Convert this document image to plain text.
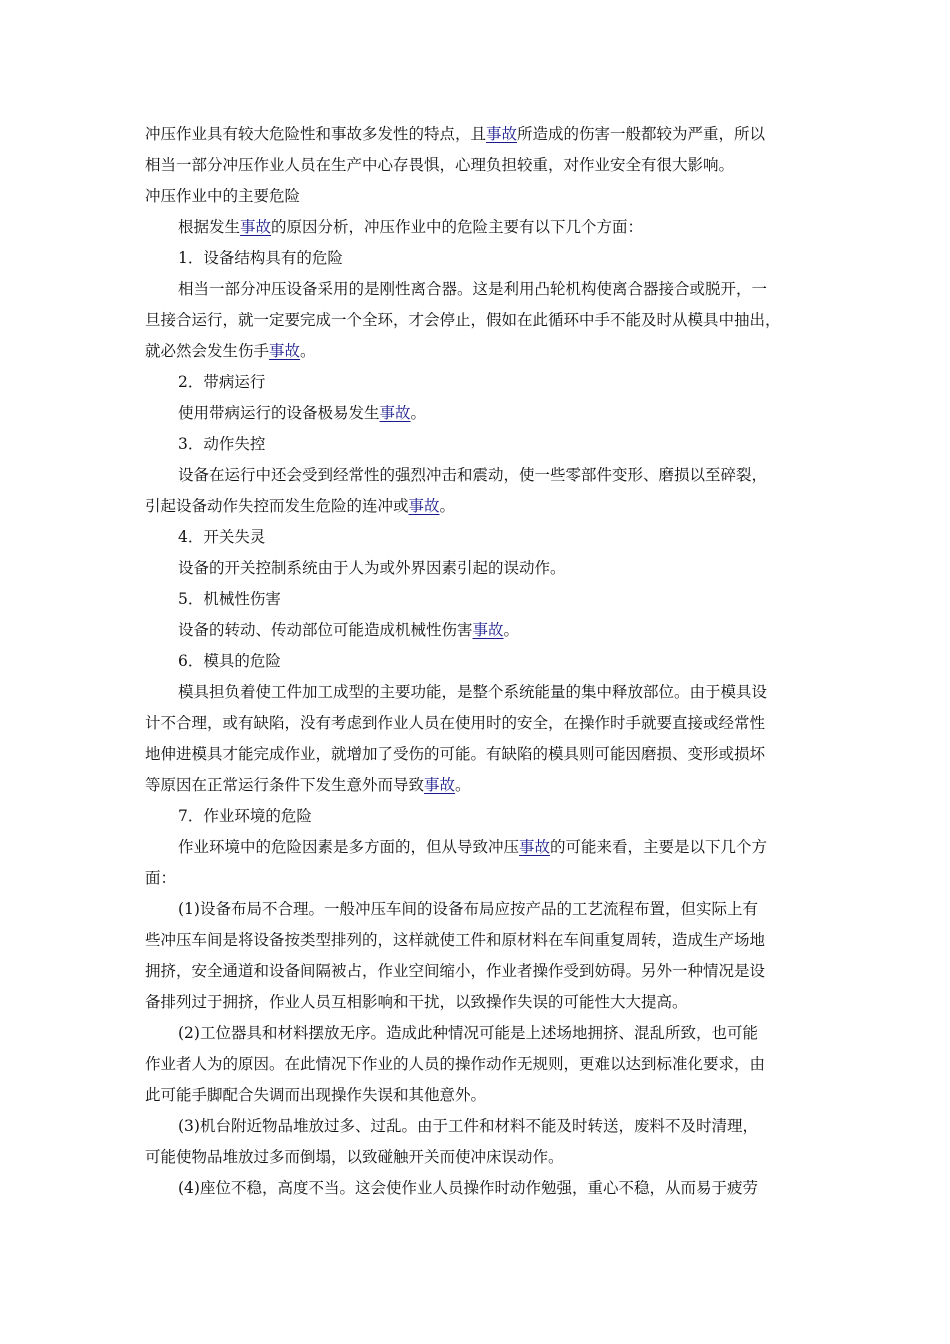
冲压作业具有较大危险性和事故多发性的特点，且事故所造成的伤害一般都较为严重，所以
相当一部分冲压作业人员在生产中心存畏惧，心理负担较重，对作业安全有很大影响。

冲压作业中的主要危险

根据发生事故的原因分析，冲压作业中的危险主要有以下几个方面：

1．设备结构具有的危险

相当一部分冲压设备采用的是刚性离合器。这是利用凸轮机构使离合器接合或脱开，一
旦接合运行，就一定要完成一个全环，才会停止，假如在此循环中手不能及时从模具中抽出，
就必然会发生伤手事故。

2．带病运行

使用带病运行的设备极易发生事故。

3．动作失控

设备在运行中还会受到经常性的强烈冲击和震动，使一些零部件变形、磨损以至碎裂，
引起设备动作失控而发生危险的连冲或事故。

4．开关失灵

设备的开关控制系统由于人为或外界因素引起的误动作。

5．机械性伤害

设备的转动、传动部位可能造成机械性伤害事故。

6．模具的危险

模具担负着使工件加工成型的主要功能，是整个系统能量的集中释放部位。由于模具设
计不合理，或有缺陷，没有考虑到作业人员在使用时的安全，在操作时手就要直接或经常性
地伸进模具才能完成作业，就增加了受伤的可能。有缺陷的模具则可能因磨损、变形或损坏
等原因在正常运行条件下发生意外而导致事故。

7．作业环境的危险

作业环境中的危险因素是多方面的，但从导致冲压事故的可能来看，主要是以下几个方
面：

(1)设备布局不合理。一般冲压车间的设备布局应按产品的工艺流程布置，但实际上有
些冲压车间是将设备按类型排列的，这样就使工件和原材料在车间重复周转，造成生产场地
拥挤，安全通道和设备间隔被占，作业空间缩小，作业者操作受到妨碍。另外一种情况是设
备排列过于拥挤，作业人员互相影响和干扰，以致操作失误的可能性大大提高。

(2)工位器具和材料摆放无序。造成此种情况可能是上述场地拥挤、混乱所致，也可能
作业者人为的原因。在此情况下作业的人员的操作动作无规则，更难以达到标准化要求，由
此可能手脚配合失调而出现操作失误和其他意外。

(3)机台附近物品堆放过多、过乱。由于工件和材料不能及时转送，废料不及时清理，
可能使物品堆放过多而倒塌，以致碰触开关而使冲床误动作。

(4)座位不稳，高度不当。这会使作业人员操作时动作勉强，重心不稳，从而易于疲劳
